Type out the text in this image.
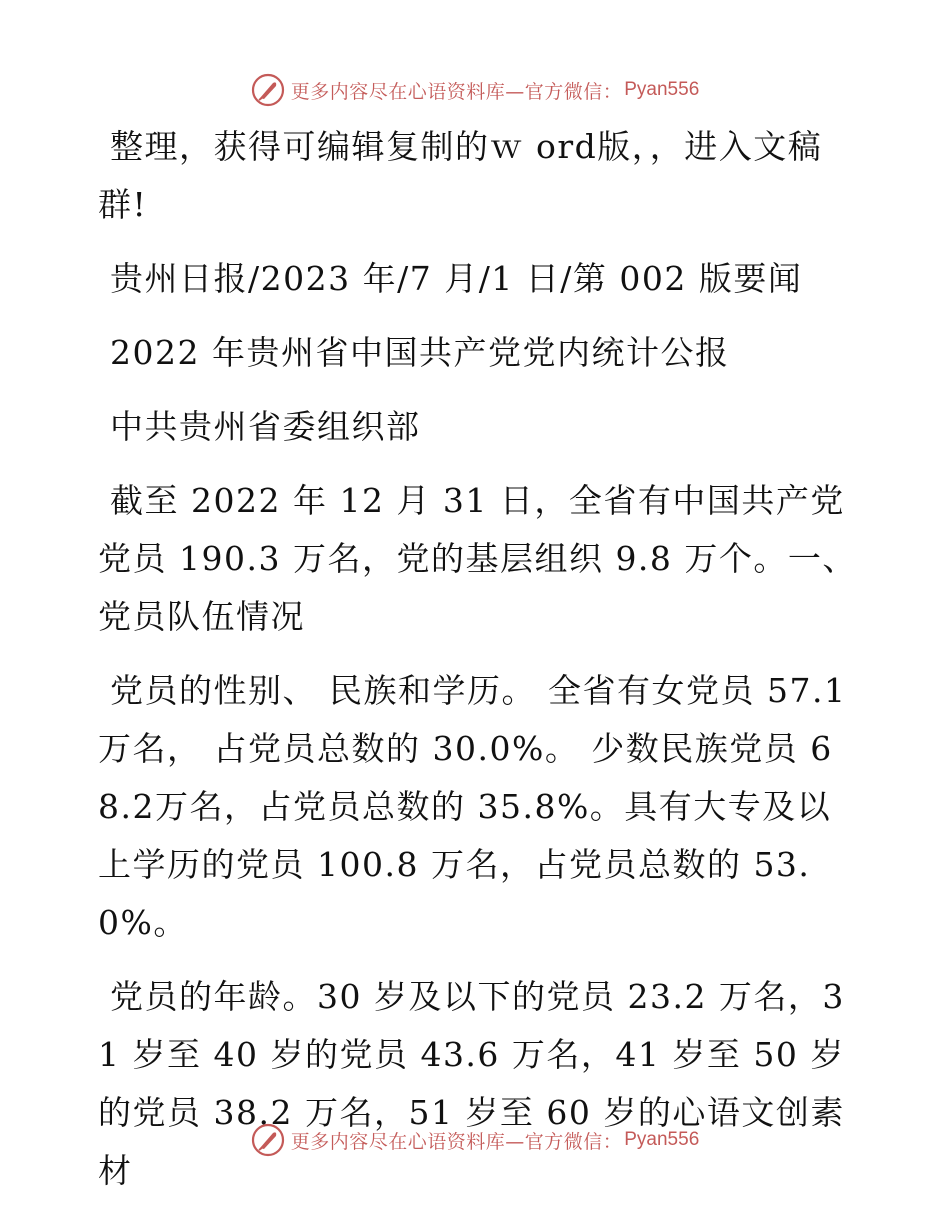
更多内容尽在心语资料库—官方微信： Pyan556

整理，获得可编辑复制的ｗ ord版，，进入文稿群!

贵州日报/2023 年/7 月/1 日/第 002 版要闻

2022 年贵州省中国共产党党内统计公报

中共贵州省委组织部

截至 2022 年 12 月 31 日，全省有中国共产党党员 190.3 万名，党的基层组织 9.8 万个。一、党员队伍情况

党员的性别、 民族和学历。 全省有女党员 57.1 万名， 占党员总数的 30.0%。 少数民族党员 68.2万名，占党员总数的 35.8%。具有大专及以上学历的党员 100.8 万名，占党员总数的 53.0%。

党员的年龄。30 岁及以下的党员 23.2 万名，31 岁至 40 岁的党员 43.6 万名，41 岁至 50 岁的党员 38.2 万名，51 岁至 60 岁的心语文创素材

更多内容尽在心语资料库—官方微信： Pyan556
